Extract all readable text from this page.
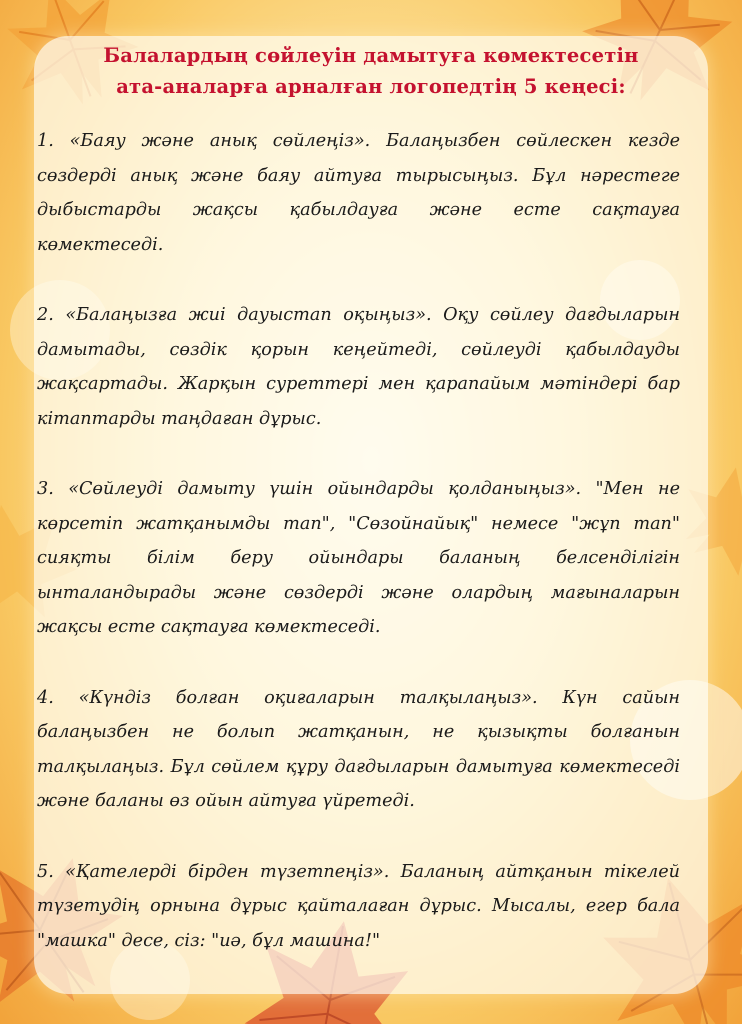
Балалардың сөйлеуін дамытуға көмектесетін
ата-аналарға арналған логопедтің 5 кеңесі:

1. «Баяу және анық сөйлеңіз». Балаңызбен сөйлескен кезде сөздерді анық және баяу айтуға тырысыңыз. Бұл нәрестеге дыбыстарды жақсы қабылдауға және есте сақтауға көмектеседі.

2. «Балаңызға жиі дауыстап оқыңыз». Оқу сөйлеу дағдыларын дамытады, сөздік қорын кеңейтеді, сөйлеуді қабылдауды жақсартады. Жарқын суреттері мен қарапайым мәтіндері бар кітаптарды таңдаған дұрыс.

3. «Сөйлеуді дамыту үшін ойындарды қолданыңыз». "Мен не көрсетіп жатқанымды тап", "Сөзойнайық" немесе "жұп тап" сияқты білім беру ойындары баланың белсенділігін ынталандырады және сөздерді және олардың мағыналарын жақсы есте сақтауға көмектеседі.

4. «Күндіз болған оқиғаларын талқылаңыз». Күн сайын балаңызбен не болып жатқанын, не қызықты болғанын талқылаңыз. Бұл сөйлем құру дағдыларын дамытуға көмектеседі және баланы өз ойын айтуға үйретеді.

5. «Қателерді бірден түзетпеңіз». Баланың айтқанын тікелей түзетудің орнына дұрыс қайталаған дұрыс. Мысалы, егер бала "машка" десе, сіз: "иә, бұл машина!"
